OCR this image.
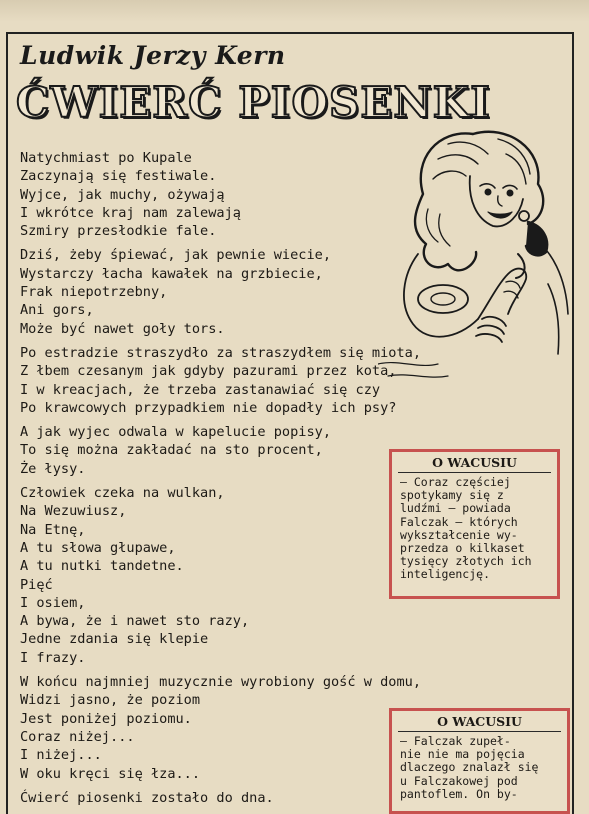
Ludwik Jerzy Kern
ĆWIERĆ PIOSENKI
Natychmiast po Kupale
Zaczynają się festiwale.
Wyjce, jak muchy, ożywają
I wkrótce kraj nam zalewają
Szmiry przesłodkie fale.
Dziś, żeby śpiewać, jak pewnie wiecie,
Wystarczy łacha kawałek na grzbiecie,
Frak niepotrzebny,
Ani gors,
Może być nawet goły tors.
Po estradzie straszydło za straszydłem się miota,
Z łbem czesanym jak gdyby pazurami przez kota,
I w kreacjach, że trzeba zastanawiać się czy
Po krawcowych przypadkiem nie dopadły ich psy?
A jak wyjec odwala w kapelucie popisy,
To się można zakładać na sto procent,
Że łysy.
Człowiek czeka na wulkan,
Na Wezuwiusz,
Na Etnę,
A tu słowa głupawe,
A tu nutki tandetne.
Pięć
I osiem,
A bywa, że i nawet sto razy,
Jedne zdania się klepie
I frazy.
W końcu najmniej muzycznie wyrobiony gość w domu,
Widzi jasno, że poziom
Jest poniżej poziomu.
Coraz niżej...
I niżej...
W oku kręci się łza...
Ćwierć piosenki zostało do dna.
O WACUSIU
— Coraz częściej
spotykamy się z
ludźmi — powiada
Falczak — których
wykształcenie wy-
przedza o kilkaset
tysięcy złotych ich
inteligencję.
O WACUSIU
— Falczak zupeł-
nie nie ma pojęcia
dlaczego znalazł się
u Falczakowej pod
pantoflem. On by-
